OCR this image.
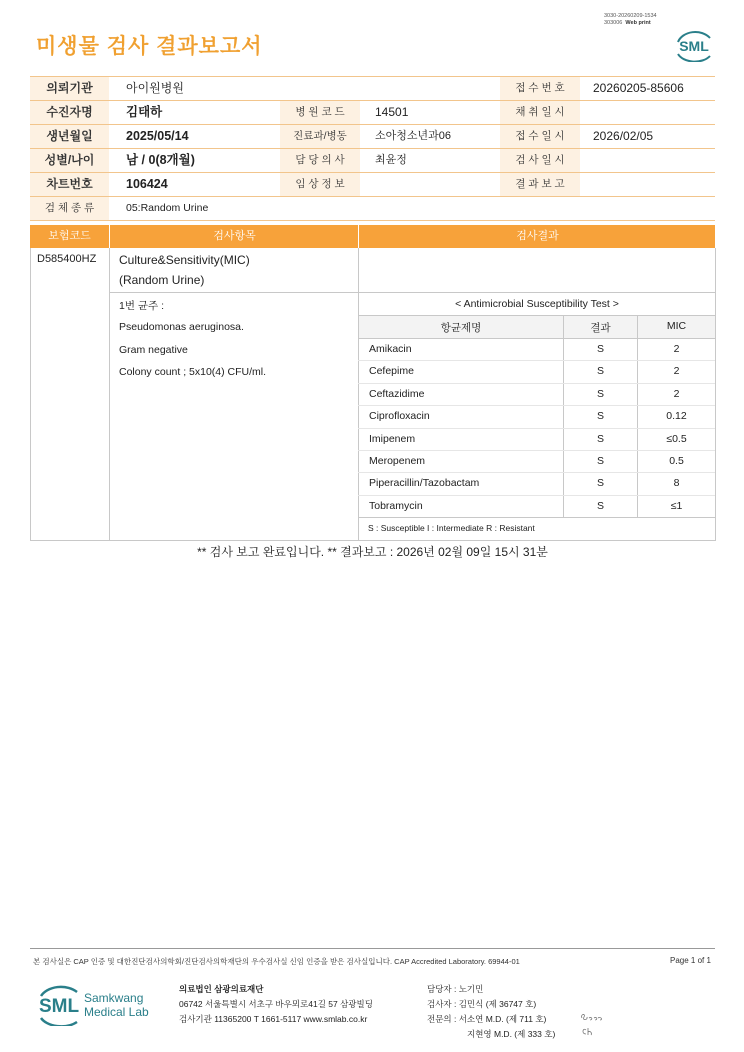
미생물 검사 결과보고서
3030-20260209-1534
303006 Web print
SML
의뢰기관	아이원병원	접 수 번 호	20260205-85606
수진자명	김태하	병 원 코 드	14501	채 취 일 시
생년월일	2025/05/14	진료과/병동	소아청소년과06	접 수 일 시	2026/02/05
성별/나이	남 / 0(8개월)	담 당 의 사	최윤정	검 사 일 시
차트번호	106424	임 상 정 보	결 과 보 고
검 체 종 류	05:Random Urine
보험코드	검사항목	검사결과
D585400HZ Culture&Sensitivity(MIC)
(Random Urine)
1번 균주 :
Pseudomonas aeruginosa.
Gram negative
Colony count ; 5x10(4) CFU/ml.
< Antimicrobial Susceptibility Test >
항균제명	결과	MIC
Amikacin	S	2
Cefepime	S	2
Ceftazidime	S	2
Ciprofloxacin	S	0.12
Imipenem	S	≤0.5
Meropenem	S	0.5
Piperacillin/Tazobactam	S	8
Tobramycin	S	≤1
S : Susceptible I : Intermediate R : Resistant
** 검사 보고 완료입니다. ** 결과보고 : 2026년 02월 09일 15시 31분
본 검사실은 CAP 인증 및 대한진단검사의학회/진단검사의학재단의 우수검사실 신임 인증을 받은 검사실입니다. CAP Accredited Laboratory. 69944-01	Page 1 of 1
SML Samkwang
Medical Lab
의료법인 삼광의료재단
06742 서울특별시 서초구 바우뫼로41길 57 삼광빌딩
검사기관 11365200 T 1661-5117 www.smlab.co.kr
담당자 : 노기민
검사자 : 김민식 (제 36747 호)
전문의 : 서소연 M.D. (제 711 호)
지현영 M.D. (제 333 호)
